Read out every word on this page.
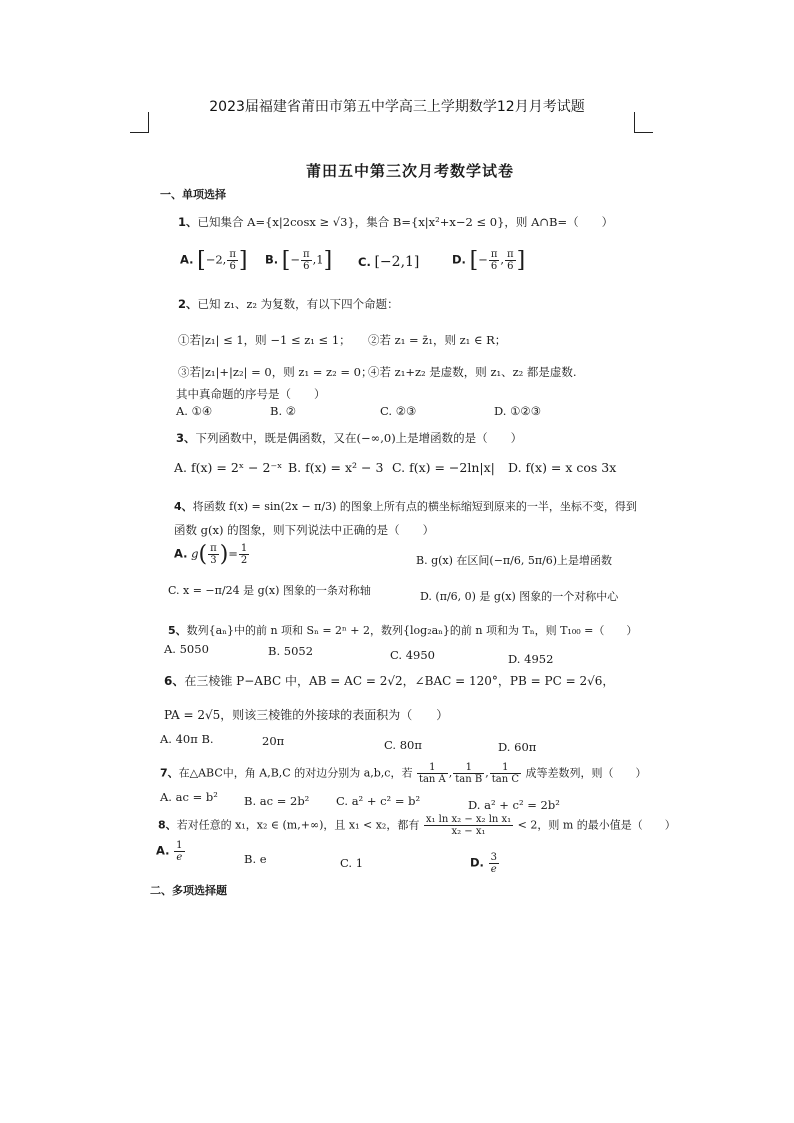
2023届福建省莆田市第五中学高三上学期数学12月月考试题
莆田五中第三次月考数学试卷
一、单项选择
1、已知集合 A={x|2cosx ≥ √3}，集合 B={x|x²+x−2 ≤ 0}，则 A∩B=（　　）
A. [−2, $\frac{\pi}{6}$ ] B. [− $\frac{\pi}{6} ,1$] C. [−2,1]	D. [− $\frac{\pi}{6}$ , $\frac{\pi}{6}$ ]
2、已知 z₁、z₂ 为复数，有以下四个命题：
①若|z₁| ≤ 1，则 −1 ≤ z₁ ≤ 1； ②若 z₁ = z̄₁，则 z₁ ∈ R；
③若|z₁|+|z₂| = 0，则 z₁ = z₂ = 0；
④若 z₁+z₂ 是虚数，则 z₁、z₂ 都是虚数.
其中真命题的序号是（　　）
A. ①④	B. ②	C. ②③	D. ①②③
3、下列函数中，既是偶函数，又在(−∞,0)上是增函数的是（　　）
A. f(x) = 2ˣ − 2⁻ˣ B. f(x) = x² − 3 C. f(x) = −2ln|x| D. f(x) = x cos 3x
4、将函数 f(x) = sin(2x − π/3) 的图象上所有点的横坐标缩短到原来的一半，坐标不变，得到
函数 g(x) 的图象，则下列说法中正确的是（　　）
A. $g( \frac{\pi}{3}$ )= $\frac{1}{2}$	B. g(x) 在区间(−π/6, 5π/6)上是增函数
C. x = −π/24 是 g(x) 图象的一条对称轴	D. (π/6, 0) 是 g(x) 图象的一个对称中心
5、数列{aₙ}中的前 n 项和 Sₙ = 2ⁿ + 2，数列{log₂aₙ}的前 n 项和为 Tₙ，则 T₁₀₀ =（　　）
A. 5050	B. 5052	C. 4950	D. 4952
6、在三棱锥 P−ABC 中，AB = AC = 2√2，∠BAC = 120°，PB = PC = 2√6，
PA = 2√5，则该三棱锥的外接球的表面积为（　　）
A. 40π B.	20π	C. 80π	D. 60π
7、在△ABC中，角 A,B,C 的对边分别为 a,b,c，若 $\frac{1}{\text{tan A}}$ , $\frac{1}{\text{tan B}}$ , $\frac{1}{\text{tan C}}$ 成等差数列，则（　　）
A. ac = b² B. ac = 2b² C. a² + c² = b²	D. a² + c² = 2b²
8、若对任意的 x₁，x₂ ∈ (m,+∞)，且 x₁ < x₂，都有 $\frac{\text{x₁ ln x₂ − x₂ ln x₁}}{\text{x₂ − x₁}} < 2$，则 m 的最小值是（　　）
A. $\frac{1}{e}$	B. e	C. 1	D. $\frac{3}{e}$
二、多项选择题
